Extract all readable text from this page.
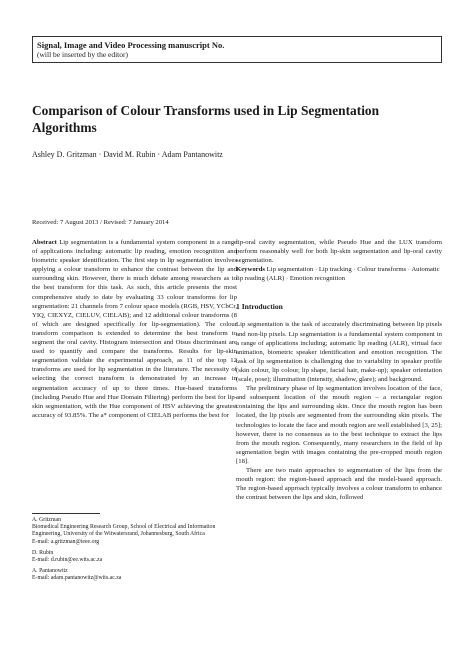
Signal, Image and Video Processing manuscript No.
(will be inserted by the editor)
Comparison of Colour Transforms used in Lip Segmentation Algorithms
Ashley D. Gritzman · David M. Rubin · Adam Pantanowitz
Received: 7 August 2013 / Revised: 7 January 2014

Abstract Lip segmentation is a fundamental system component in a range of applications including: automatic lip reading, emotion recognition and biometric speaker identification. The first step in lip segmentation involves applying a colour transform to enhance the contrast between the lip and surrounding skin. However, there is much debate among researchers as to the best transform for this task. As such, this article presents the most comprehensive study to date by evaluating 33 colour transforms for lip segmentation: 21 channels from 7 colour space models (RGB, HSV, YCbCr, YIQ, CIEXYZ, CIELUV, CIELAB); and 12 additional colour transforms (8 of which are designed specifically for lip-segmentation). The colour transform comparison is extended to determine the best transform to segment the oral cavity. Histogram intersection and Otsus discriminant are used to quantify and compare the transforms. Results for lip-skin segmentation validate the experimental approach, as 11 of the top 12 transforms are used for lip segmentation in the literature. The necessity of selecting the correct transform is demonstrated by an increase in segmentation accuracy of up to three times. Hue-based transforms (including Pseudo Hue and Hue Domain Filtering) perform the best for lip-skin segmentation, with the Hue component of HSV achieving the greatest accuracy of 93.85%. The a* component of CIELAB performs the best for

A. Gritzman
Biomedical Engineering Research Group, School of Electrical and Information Engineering, University of the Witwatersrand, Johannesburg, South Africa
E-mail: a.gritzman@ieee.org
D. Rubin
E-mail: d.rubin@ee.wits.ac.za
A. Pantanowitz
E-mail: adam.pantanowitz@wits.ac.za

lip-oral cavity segmentation, while Pseudo Hue and the LUX transform perform reasonably well for both lip-skin segmentation and lip-oral cavity segmentation.

Keywords Lip segmentation · Lip tracking · Colour transforms · Automatic lip reading (ALR) · Emotion recognition

1 Introduction

Lip segmentation is the task of accurately discriminating between lip pixels and non-lip pixels. Lip segmentation is a fundamental system component in a range of applications including; automatic lip reading (ALR), virtual face animation, biometric speaker identification and emotion recognition. The task of lip segmentation is challenging due to variability in speaker profile (skin colour, lip colour, lip shape, facial hair, make-up); speaker orientation (scale, pose); illumination (intensity, shadow, glare); and background.

The preliminary phase of lip segmentation involves location of the face, and subsequent location of the mouth region – a rectangular region containing the lips and surrounding skin. Once the mouth region has been located, the lip pixels are segmented from the surrounding skin pixels. The technologies to locate the face and mouth region are well established [3, 25]; however, there is no consensus as to the best technique to extract the lips from the mouth region. Consequently, many researchers in the field of lip segmentation begin with images containing the pre-cropped mouth region [18].

There are two main approaches to segmentation of the lips from the mouth region: the region-based approach and the model-based approach. The region-based approach typically involves a colour transform to enhance the contrast between the lips and skin, followed
